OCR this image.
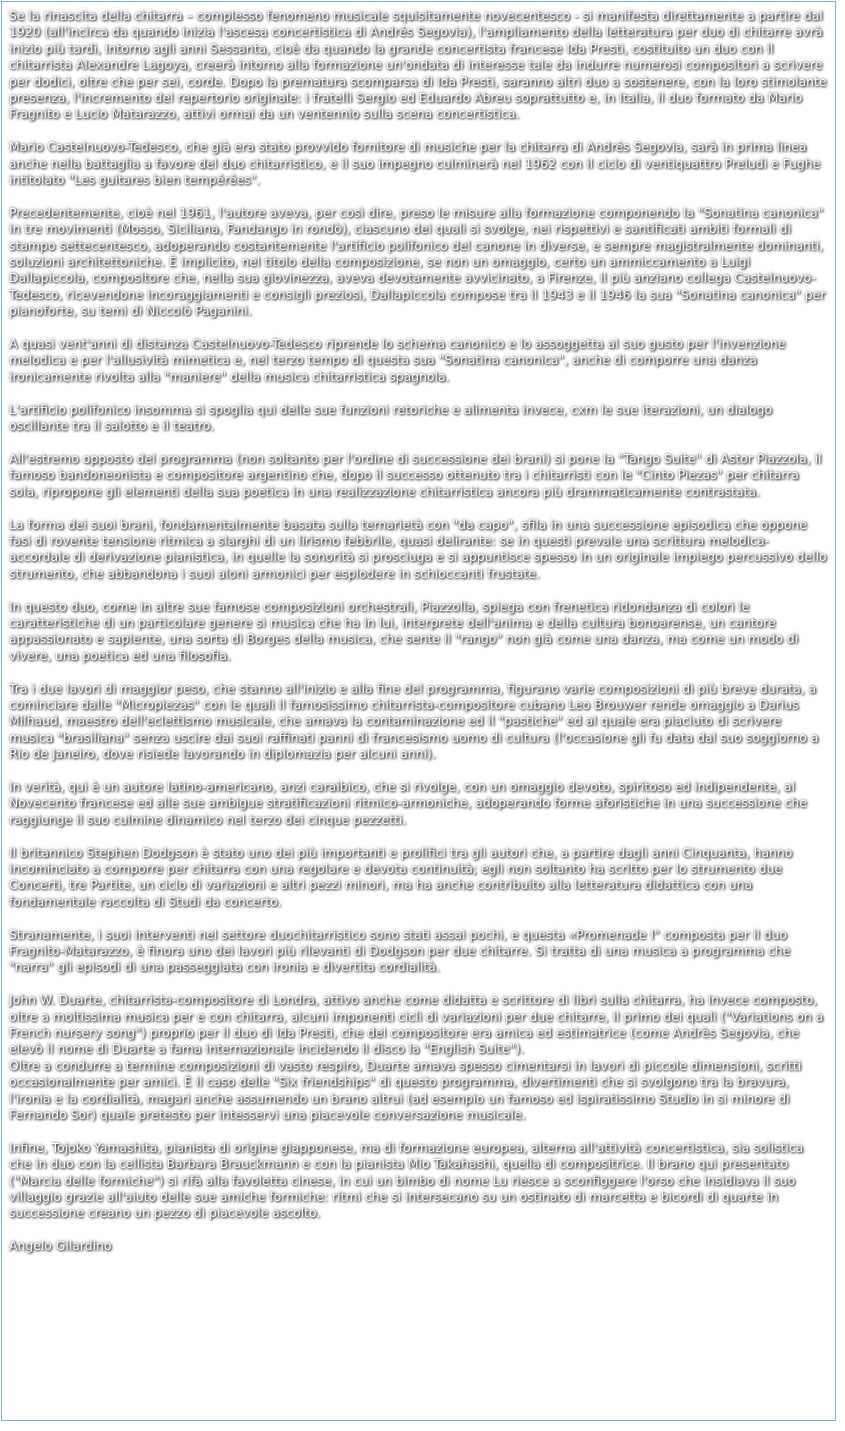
Se la rinascita della chitarra – complesso fenomeno musicale squisitamente novecentesco - si manifesta direttamente a partire dal 1920 (all'incirca da quando inizia l'ascesa concertistica di Andrés Segovia), l'ampliamento della letteratura per duo di chitarre avrà inizio più tardi, intorno agli anni Sessanta, cioè da quando la grande concertista francese Ida Presti, costituito un duo con il chitarrista Alexandre Lagoya, creerà intorno alla formazione un'ondata di interesse tale da indurre numerosi compositori a scrivere per dodici, oltre che per sei, corde. Dopo la prematura scomparsa di Ida Presti, saranno altri duo a sostenere, con la loro stimolante presenza, l'incremento del repertorio originale: i fratelli Sergio ed Eduardo Abreu soprattutto e, in Italia, il duo formato da Mario Fragnito e Lucio Matarazzo, attivi ormai da un ventennio sulla scena concertistica.

Mario Castelnuovo-Tedesco, che già era stato provvido fornitore di musiche per la chitarra di Andrés Segovia, sarà in prima linea anche nella battaglia a favore del duo chitarristico, e il suo impegno culminerà nel 1962 con il ciclo di ventiquattro Preludi e Fughe intitolato "Les guitares bien tempérées".

Precedentemente, cioè nel 1961, l'autore aveva, per così dire, preso le misure alla formazione componendo la "Sonatina canonica" in tre movimenti (Mosso, Siciliana, Fandango in rondò), ciascuno dei quali si svolge, nei rispettivi e santificati ambiti formali di stampo settecentesco, adoperando costantemente l'artificio polifonico del canone in diverse, e sempre magistralmente dominanti, soluzioni architettoniche. È implicito, nel titolo della composizione, se non un omaggio, certo un ammiccamento a Luigi Dallapiccola, compositore che, nella sua giovinezza, aveva devotamente avvicinato, a Firenze, il più anziano collega Castelnuovo-Tedesco, ricevendone incoraggiamenti e consigli preziosi, Dallapiccola compose tra il 1943 e il 1946 la sua "Sonatina canonica" per pianoforte, su temi di Niccolò Paganini.

A quasi vent'anni di distanza Castelnuovo-Tedesco riprende lo schema canonico e lo assoggetta al suo gusto per l'invenzione melodica e per l'allusività mimetica e, nel terzo tempo di questa sua "Sonatina canonica", anche di comporre una danza ironicamente rivolta alla "maniere" della musica chitarristica spagnola.

L'artificio polifonico insomma si spoglia qui delle sue funzioni retoriche e alimenta invece, cxm le sue iterazioni, un dialogo oscillante tra il salotto e il teatro.

All'estremo opposto del programma (non soltanto per l'ordine di successione dei brani) si pone la "Tango Suite" di Astor Piazzola, il famoso bandoneonista e compositore argentino che, dopo il successo ottenuto tra i chitarristi con le "Cinto Piezas" per chitarra sola, ripropone gli elementi della sua poetica in una realizzazione chitarristica ancora più drammaticamente contrastata.

La forma dei suoi brani, fondamentalmente basata sulla ternarietà con "da capo", sfila in una successione episodica che oppone fasi di rovente tensione ritmica a slarghi di un lirismo febbrile, quasi delirante: se in questi prevale una scrittura melodica-accordale di derivazione pianistica, in quelle la sonorità si prosciuga e si appuntisce spesso in un originale impiego percussivo dello strumento, che abbandona i suoi aloni armonici per esplodere in schioccanti frustate.

In questo duo, come in altre sue famose composizioni orchestrali, Piazzolla, spiega con frenetica ridondanza di colori le caratteristiche di un particolare genere si musica che ha in lui, interprete dell'anima e della cultura bonoarense, un cantore appassionato e sapiente, una sorta di Borges della musica, che sente il "rango" non già come una danza, ma come un modo di vivere, una poetica ed una filosofia.

Tra i due lavori di maggior peso, che stanno all'inizio e alla fine del programma, figurano varie composizioni di più breve durata, a cominciare dalle "Micropiezas" con le quali il famosissimo chitarrista-compositore cubano Leo Brouwer rende omaggio a Darius Milhaud, maestro dell'eclettismo musicale, che amava la contaminazione ed il "pastiche" ed al quale era piaciuto di scrivere musica "brasiliana" senza uscire dai suoi raffinati panni di francesismo uomo di cultura (l'occasione gli fu data dal suo soggiorno a Rio de Janeiro, dove risiede lavorando in diplomazia per alcuni anni).

In verità, qui è un autore latino-americano, anzi caraibico, che si rivolge, con un omaggio devoto, spiritoso ed indipendente, al Novecento francese ed alle sue ambigue stratificazioni ritmico-armoniche, adoperando forme aforistiche in una successione che raggiunge il suo culmine dinamico nel terzo dei cinque pezzetti.

Il britannico Stephen Dodgson è stato uno dei più importanti e prolifici tra gli autori che, a partire dagli anni Cinquanta, hanno incominciato a comporre per chitarra con una regolare e devota continuità; egli non soltanto ha scritto per lo strumento due Concerti, tre Partite, un ciclo di variazioni e altri pezzi minori, ma ha anche contribuito alla letteratura didattica con una fondamentale raccolta di Studi da concerto.

Stranamente, i suoi interventi nel settore duochitarristico sono stati assai pochi, e questa «Promenade I" composta per il duo Fragnito-Matarazzo, è finora uno dei lavori più rilevanti di Dodgson per due chitarre. Si tratta di una musica a programma che "narra" gli episodi di una passeggiata con ironia e divertita cordialità.

John W. Duarte, chitarrista-compositore di Londra, attivo anche come didatta e scrittore di libri sulla chitarra, ha invece composto, oltre a moltissima musica per e con chitarra, alcuni imponenti cicli di variazioni per due chitarre, il primo dei quali ("Variations on a French nursery song") proprio per il duo di Ida Presti, che del compositore era amica ed estimatrice (come Andrès Segovia, che elevò il nome di Duarte a fama internazionale incidendo il disco la "English Suite").
Oltre a condurre a termine composizioni di vasto respiro, Duarte amava spesso cimentarsi in lavori di piccole dimensioni, scritti occasionalmente per amici. È il caso delle "Six friendships" di questo programma, divertimenti che si svolgono tra la bravura, l'ironia e la cordialità, magari anche assumendo un brano altrui (ad esempio un famoso ed ispiratissimo Studio in si minore di Fernando Sor) quale pretesto per intesservi una piacevole conversazione musicale.

Infine, Tojoko Yamashita, pianista di origine giapponese, ma di formazione europea, alterna all'attività concertistica, sia solistica che in duo con la cellista Barbara Brauckmann e con la pianista Mio Takahashi, quella di compositrice. Il brano qui presentato ("Marcia delle formiche") si rifà alla favoletta cinese, in cui un bimbo di nome Lu riesce a sconfiggere l'orso che insidiava il suo villaggio grazie all'aiuto delle sue amiche formiche: ritmi che si intersecano su un ostinato di marcetta e bicordi di quarte in successione creano un pezzo di piacevole ascolto.

Angelo Gilardino
